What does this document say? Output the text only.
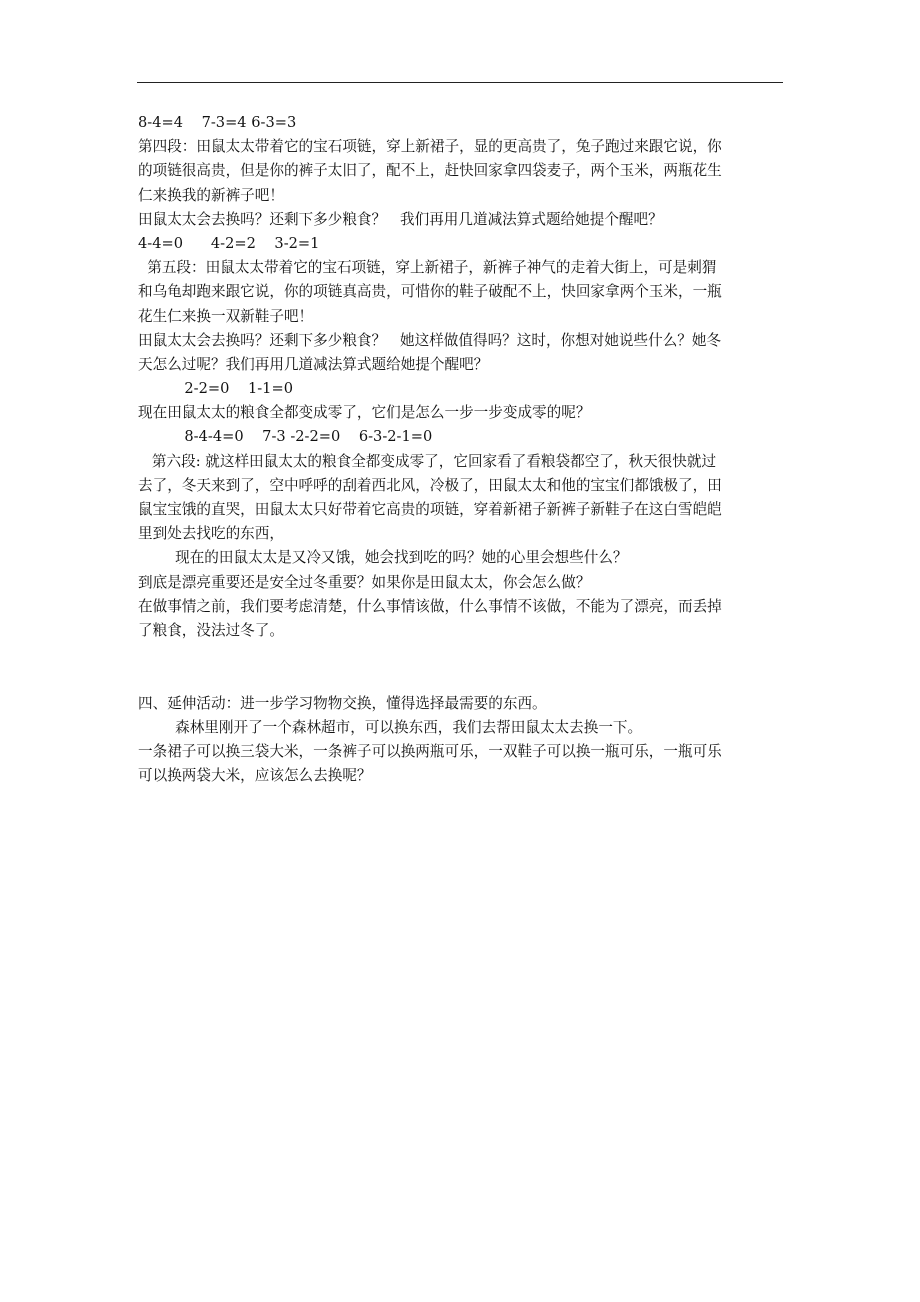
8-4=4    7-3=4 6-3=3
第四段：田鼠太太带着它的宝石项链，穿上新裙子，显的更高贵了，兔子跑过来跟它说，你
的项链很高贵，但是你的裤子太旧了，配不上，赶快回家拿四袋麦子，两个玉米，两瓶花生
仁来换我的新裤子吧！
田鼠太太会去换吗？还剩下多少粮食？   我们再用几道减法算式题给她提个醒吧？
4-4=0      4-2=2    3-2=1
第五段：田鼠太太带着它的宝石项链，穿上新裙子，新裤子神气的走着大街上，可是刺猬
和乌龟却跑来跟它说，你的项链真高贵，可惜你的鞋子破配不上，快回家拿两个玉米，一瓶
花生仁来换一双新鞋子吧！
田鼠太太会去换吗？还剩下多少粮食？   她这样做值得吗？这时，你想对她说些什么？她冬
天怎么过呢？我们再用几道减法算式题给她提个醒吧？
2-2=0    1-1=0
现在田鼠太太的粮食全都变成零了，它们是怎么一步一步变成零的呢？
8-4-4=0    7-3 -2-2=0    6-3-2-1=0
第六段: 就这样田鼠太太的粮食全都变成零了，它回家看了看粮袋都空了，秋天很快就过
去了，冬天来到了，空中呼呼的刮着西北风，冷极了，田鼠太太和他的宝宝们都饿极了，田
鼠宝宝饿的直哭，田鼠太太只好带着它高贵的项链，穿着新裙子新裤子新鞋子在这白雪皑皑
里到处去找吃的东西，
现在的田鼠太太是又冷又饿，她会找到吃的吗？她的心里会想些什么？
到底是漂亮重要还是安全过冬重要？如果你是田鼠太太，你会怎么做？
在做事情之前，我们要考虑清楚，什么事情该做，什么事情不该做，不能为了漂亮，而丢掉
了粮食，没法过冬了。
四、延伸活动：进一步学习物物交换，懂得选择最需要的东西。
森林里刚开了一个森林超市，可以换东西，我们去帮田鼠太太去换一下。
一条裙子可以换三袋大米，一条裤子可以换两瓶可乐，一双鞋子可以换一瓶可乐，一瓶可乐
可以换两袋大米，应该怎么去换呢？
